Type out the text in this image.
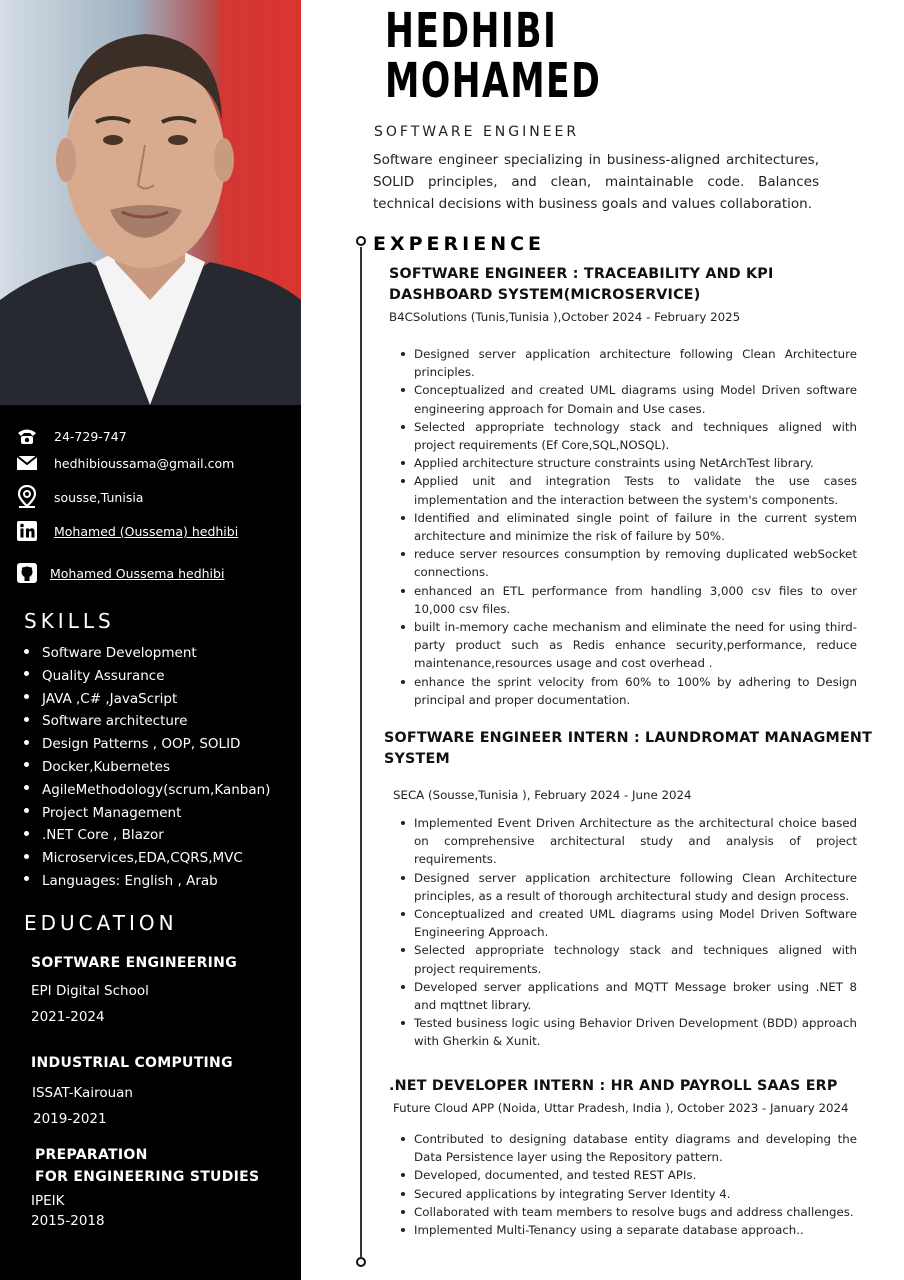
24-729-747
hedhibioussama@gmail.com
sousse,Tunisia
Mohamed (Oussema) hedhibi
Mohamed Oussema hedhibi
SKILLS
Software Development
Quality Assurance
JAVA ,C# ,JavaScript
Software architecture
Design Patterns , OOP, SOLID
Docker,Kubernetes
AgileMethodology(scrum,Kanban)
Project Management
.NET Core , Blazor
Microservices,EDA,CQRS,MVC
Languages: English , Arab
EDUCATION
SOFTWARE ENGINEERING
EPI Digital School
2021-2024
INDUSTRIAL COMPUTING
ISSAT-Kairouan
2019-2021
PREPARATION
FOR ENGINEERING STUDIES
IPEIK
2015-2018
HEDHIBI
MOHAMED
SOFTWARE ENGINEER
Software engineer specializing in business-aligned architectures, SOLID principles, and clean, maintainable code. Balances technical decisions with business goals and values collaboration.
EXPERIENCE
SOFTWARE ENGINEER : TRACEABILITY AND KPI DASHBOARD SYSTEM(MICROSERVICE)
B4CSolutions (Tunis,Tunisia ),October 2024 - February 2025
Designed server application architecture following Clean Architecture principles.
Conceptualized and created UML diagrams using Model Driven software engineering approach for Domain and Use cases.
Selected appropriate technology stack and techniques aligned with project requirements (Ef Core,SQL,NOSQL).
Applied architecture structure constraints using NetArchTest library.
Applied unit and integration Tests to validate the use cases implementation and the interaction between the system's components.
Identified and eliminated single point of failure in the current system architecture and minimize the risk of failure by 50%.
reduce server resources consumption by removing duplicated webSocket connections.
enhanced an ETL performance from handling 3,000 csv files to over 10,000 csv files.
built in-memory cache mechanism and eliminate the need for using third-party product such as Redis enhance security,performance, reduce maintenance,resources usage and cost overhead .
enhance the sprint velocity from 60% to 100% by adhering to Design principal and proper documentation.
SOFTWARE ENGINEER INTERN : LAUNDROMAT MANAGMENT SYSTEM
SECA (Sousse,Tunisia ), February 2024 - June 2024
Implemented Event Driven Architecture as the architectural choice based on comprehensive architectural study and analysis of project requirements.
Designed server application architecture following Clean Architecture principles, as a result of thorough architectural study and design process.
Conceptualized and created UML diagrams using Model Driven Software Engineering Approach.
Selected appropriate technology stack and techniques aligned with project requirements.
Developed server applications and MQTT Message broker using .NET 8 and mqttnet library.
Tested business logic using Behavior Driven Development (BDD) approach with Gherkin & Xunit.
.NET DEVELOPER INTERN : HR AND PAYROLL SAAS ERP
Future Cloud APP (Noida, Uttar Pradesh, India ), October 2023 - January 2024
Contributed to designing database entity diagrams and developing the Data Persistence layer using the Repository pattern.
Developed, documented, and tested REST APIs.
Secured applications by integrating Server Identity 4.
Collaborated with team members to resolve bugs and address challenges.
Implemented Multi-Tenancy using a separate database approach..
